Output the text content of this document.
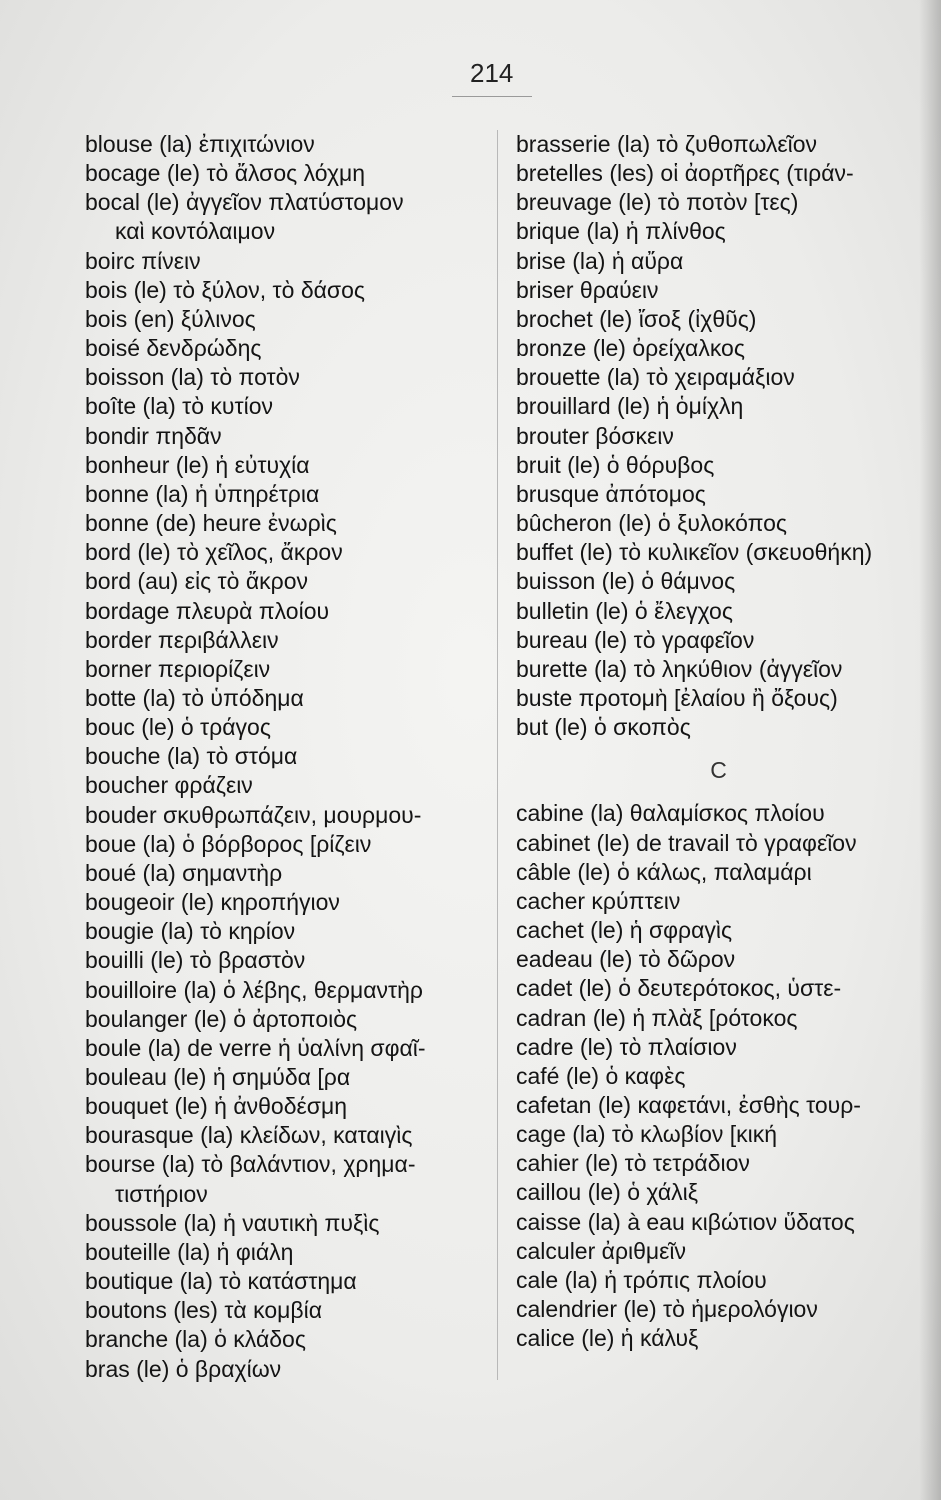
214
blouse (la) ἐπιχιτώνιον
bocage (le) τὸ ἄλσος λόχμη
bocal (le) ἀγγεῖον πλατύστομον
καὶ κοντόλαιμον
boirc πίνειν
bois (le) τὸ ξύλον, τὸ δάσος
bois (en) ξύλινος
boisé δενδρώδης
boisson (la) τὸ ποτὸν
boîte (la) τὸ κυτίον
bondir πηδᾶν
bonheur (le) ἡ εὐτυχία
bonne (la) ἡ ὑπηρέτρια
bonne (de) heure ἐνωρὶς
bord (le) τὸ χεῖλος, ἄκρον
bord (au) εἰς τὸ ἄκρον
bordage πλευρὰ πλοίου
border περιβάλλειν
borner περιορίζειν
botte (la) τὸ ὑπόδημα
bouc (le) ὁ τράγος
bouche (la) τὸ στόμα
boucher φράζειν
bouder σκυθρωπάζειν, μουρμου-
boue (la) ὁ βόρβορος [ρίζειν
boué (la) σημαντὴρ
bougeoir (le) κηροπήγιον
bougie (la) τὸ κηρίον
bouilli (le) τὸ βραστὸν
bouilloire (la) ὁ λέβης, θερμαντὴρ
boulanger (le) ὁ ἀρτοποιὸς
boule (la) de verre ἡ ὑαλίνη σφαῖ-
bouleau (le) ἡ σημύδα [ρα
bouquet (le) ἡ ἀνθοδέσμη
bourasque (la) κλείδων, καταιγὶς
bourse (la) τὸ βαλάντιον, χρημα-
τιστήριον
boussole (la) ἡ ναυτικὴ πυξὶς
bouteille (la) ἡ φιάλη
boutique (la) τὸ κατάστημα
boutons (les) τὰ κομβία
branche (la) ὁ κλάδος
bras (le) ὁ βραχίων
brasserie (la) τὸ ζυθοπωλεῖον
bretelles (les) οἱ ἀορτῆρες (τιράν-
breuvage (le) τὸ ποτὸν [τες)
brique (la) ἡ πλίνθος
brise (la) ἡ αὔρα
briser θραύειν
brochet (le) ἴσοξ (ἰχθῦς)
bronze (le) ὀρείχαλκος
brouette (la) τὸ χειραμάξιον
brouillard (le) ἡ ὁμίχλη
brouter βόσκειν
bruit (le) ὁ θόρυβος
brusque ἀπότομος
bûcheron (le) ὁ ξυλοκόπος
buffet (le) τὸ κυλικεῖον (σκευοθήκη)
buisson (le) ὁ θάμνος
bulletin (le) ὁ ἔλεγχος
bureau (le) τὸ γραφεῖον
burette (la) τὸ ληκύθιον (ἀγγεῖον
buste προτομὴ [ἐλαίου ἢ ὄξους)
but (le) ὁ σκοπὸς
C
cabine (la) θαλαμίσκος πλοίου
cabinet (le) de travail τὸ γραφεῖον
câble (le) ὁ κάλως, παλαμάρι
cacher κρύπτειν
cachet (le) ἡ σφραγὶς
eadeau (le) τὸ δῶρον
cadet (le) ὁ δευτερότοκος, ὑστε-
cadran (le) ἡ πλὰξ [ρότοκος
cadre (le) τὸ πλαίσιον
café (le) ὁ καφὲς
cafetan (le) καφετάνι, ἐσθὴς τουρ-
cage (la) τὸ κλωβίον [κική
cahier (le) τὸ τετράδιον
caillou (le) ὁ χάλιξ
caisse (la) à eau κιβώτιον ὕδατος
calculer ἀριθμεῖν
cale (la) ἡ τρόπις πλοίου
calendrier (le) τὸ ἡμερολόγιον
calice (le) ἡ κάλυξ
